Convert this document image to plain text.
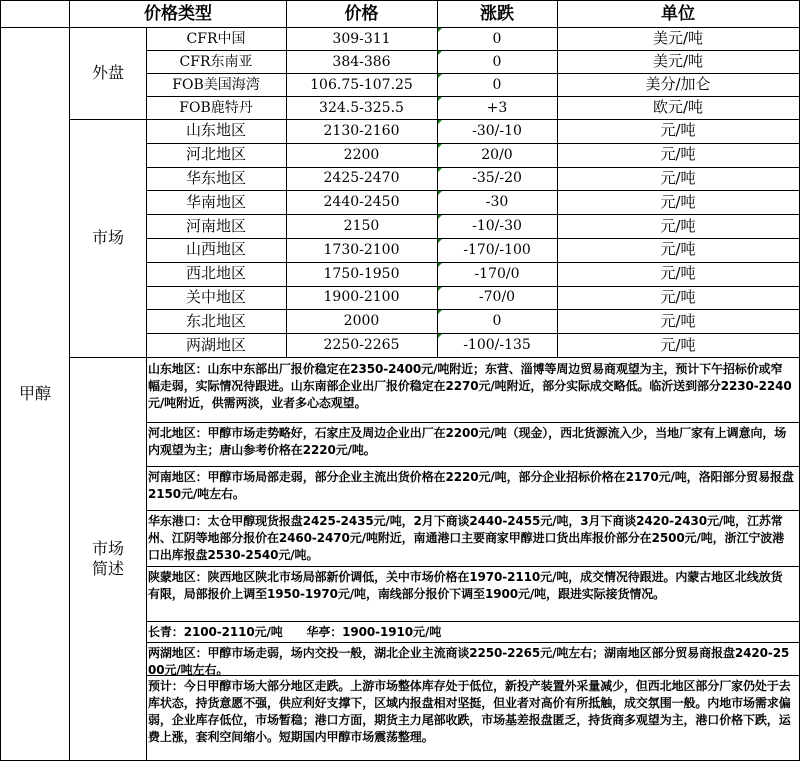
价格类型	价格	涨跌	单位
甲醇
外盘
市场
市场
简述
CFR中国	309-311	0	美元/吨
CFR东南亚	384-386	0	美元/吨
FOB美国海湾	106.75-107.25	0	美分/加仑
FOB鹿特丹	324.5-325.5	+3	欧元/吨
山东地区	2130-2160	-30/-10	元/吨
河北地区	2200	20/0	元/吨
华东地区	2425-2470	-35/-20	元/吨
华南地区	2440-2450	-30	元/吨
河南地区	2150	-10/-30	元/吨
山西地区	1730-2100	-170/-100	元/吨
西北地区	1750-1950	-170/0	元/吨
关中地区	1900-2100	-70/0	元/吨
东北地区	2000	0	元/吨
两湖地区	2250-2265	-100/-135	元/吨
山东地区：山东中东部出厂报价稳定在2350-2400元/吨附近；东营、淄博等周边贸易商观望为主，预计下午招标价或窄幅走弱，实际情况待跟进。山东南部企业出厂报价稳定在2270元/吨附近，部分实际成交略低。临沂送到部分2230-2240元/吨附近，供需两淡，业者多心态观望。
河北地区：甲醇市场走势略好，石家庄及周边企业出厂在2200元/吨（现金），西北货源流入少，当地厂家有上调意向，场内观望为主；唐山参考价格在2220元/吨。
河南地区：甲醇市场局部走弱，部分企业主流出货价格在2220元/吨，部分企业招标价格在2170元/吨，洛阳部分贸易报盘2150元/吨左右。
华东港口：太仓甲醇现货报盘2425-2435元/吨，2月下商谈2440-2455元/吨，3月下商谈2420-2430元/吨，江苏常州、江阴等地部分报价在2460-2470元/吨附近，南通港口主要商家甲醇进口货出库报价部分在2500元/吨，浙江宁波港口出库报盘2530-2540元/吨。
陕蒙地区：陕西地区陕北市场局部新价调低，关中市场价格在1970-2110元/吨，成交情况待跟进。内蒙古地区北线放货有限，局部报价上调至1950-1970元/吨，南线部分报价下调至1900元/吨，跟进实际接货情况。
长青：2100-2110元/吨　　华亭：1900-1910元/吨
两湖地区：甲醇市场走弱，场内交投一般，湖北企业主流商谈2250-2265元/吨左右；湖南地区部分贸易商报盘2420-2500元/吨左右。
预计：今日甲醇市场大部分地区走跌。上游市场整体库存处于低位，新投产装置外采量减少，但西北地区部分厂家仍处于去库状态，持货意愿不强，供应利好支撑下，区域内报盘相对坚挺，但业者对高价有所抵触，成交氛围一般。内地市场需求偏弱，企业库存低位，市场暂稳；港口方面，期货主力尾部收跌，市场基差报盘匿乏，持货商多观望为主，港口价格下跌，运费上涨，套利空间缩小。短期国内甲醇市场震荡整理。
